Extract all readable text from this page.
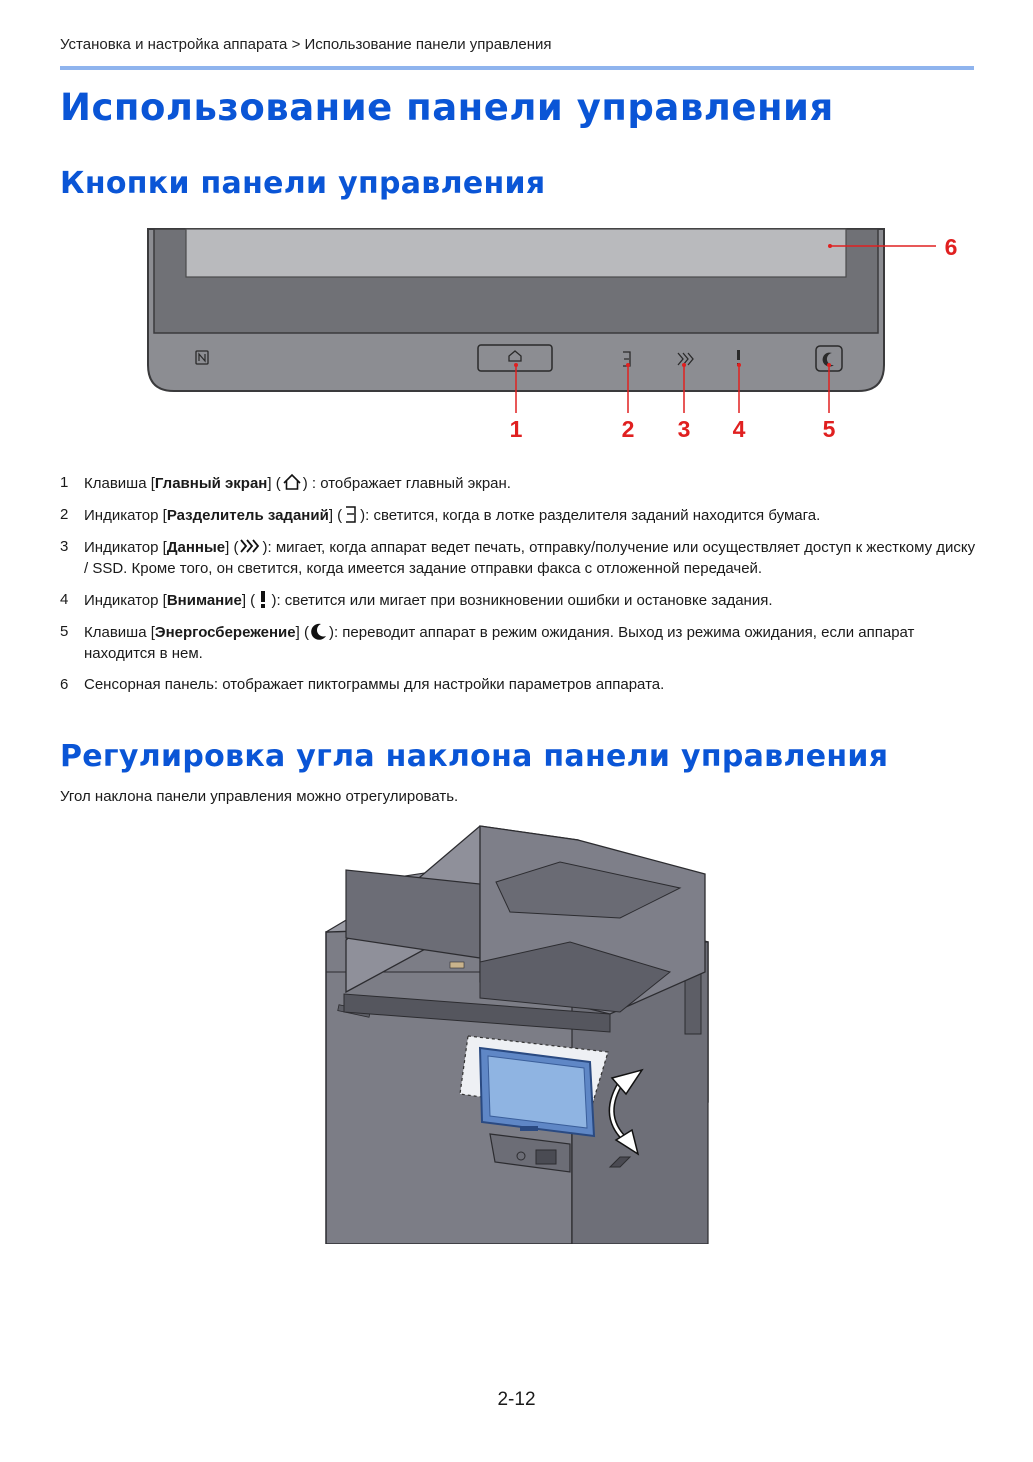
Установка и настройка аппарата > Использование панели управления
Использование панели управления
Кнопки панели управления
1	2 3 4	5
6
1 Клавиша [Главный экран] ( ) : отображает главный экран.
2 Индикатор [Разделитель заданий] ( ): светится, когда в лотке разделителя заданий находится бумага.
3 Индикатор [Данные] ( ): мигает, когда аппарат ведет печать, отправку/получение или осуществляет доступ к жесткому диску / SSD. Кроме того, он светится, когда имеется задание отправки факса с отложенной передачей.
4 Индикатор [Внимание] (  ): светится или мигает при возникновении ошибки и остановке задания.
5 Клавиша [Энергосбережение] ( ): переводит аппарат в режим ожидания. Выход из режима ожидания, если аппарат находится в нем.
6 Сенсорная панель: отображает пиктограммы для настройки параметров аппарата.
Регулировка угла наклона панели управления
Угол наклона панели управления можно отрегулировать.
2-12
